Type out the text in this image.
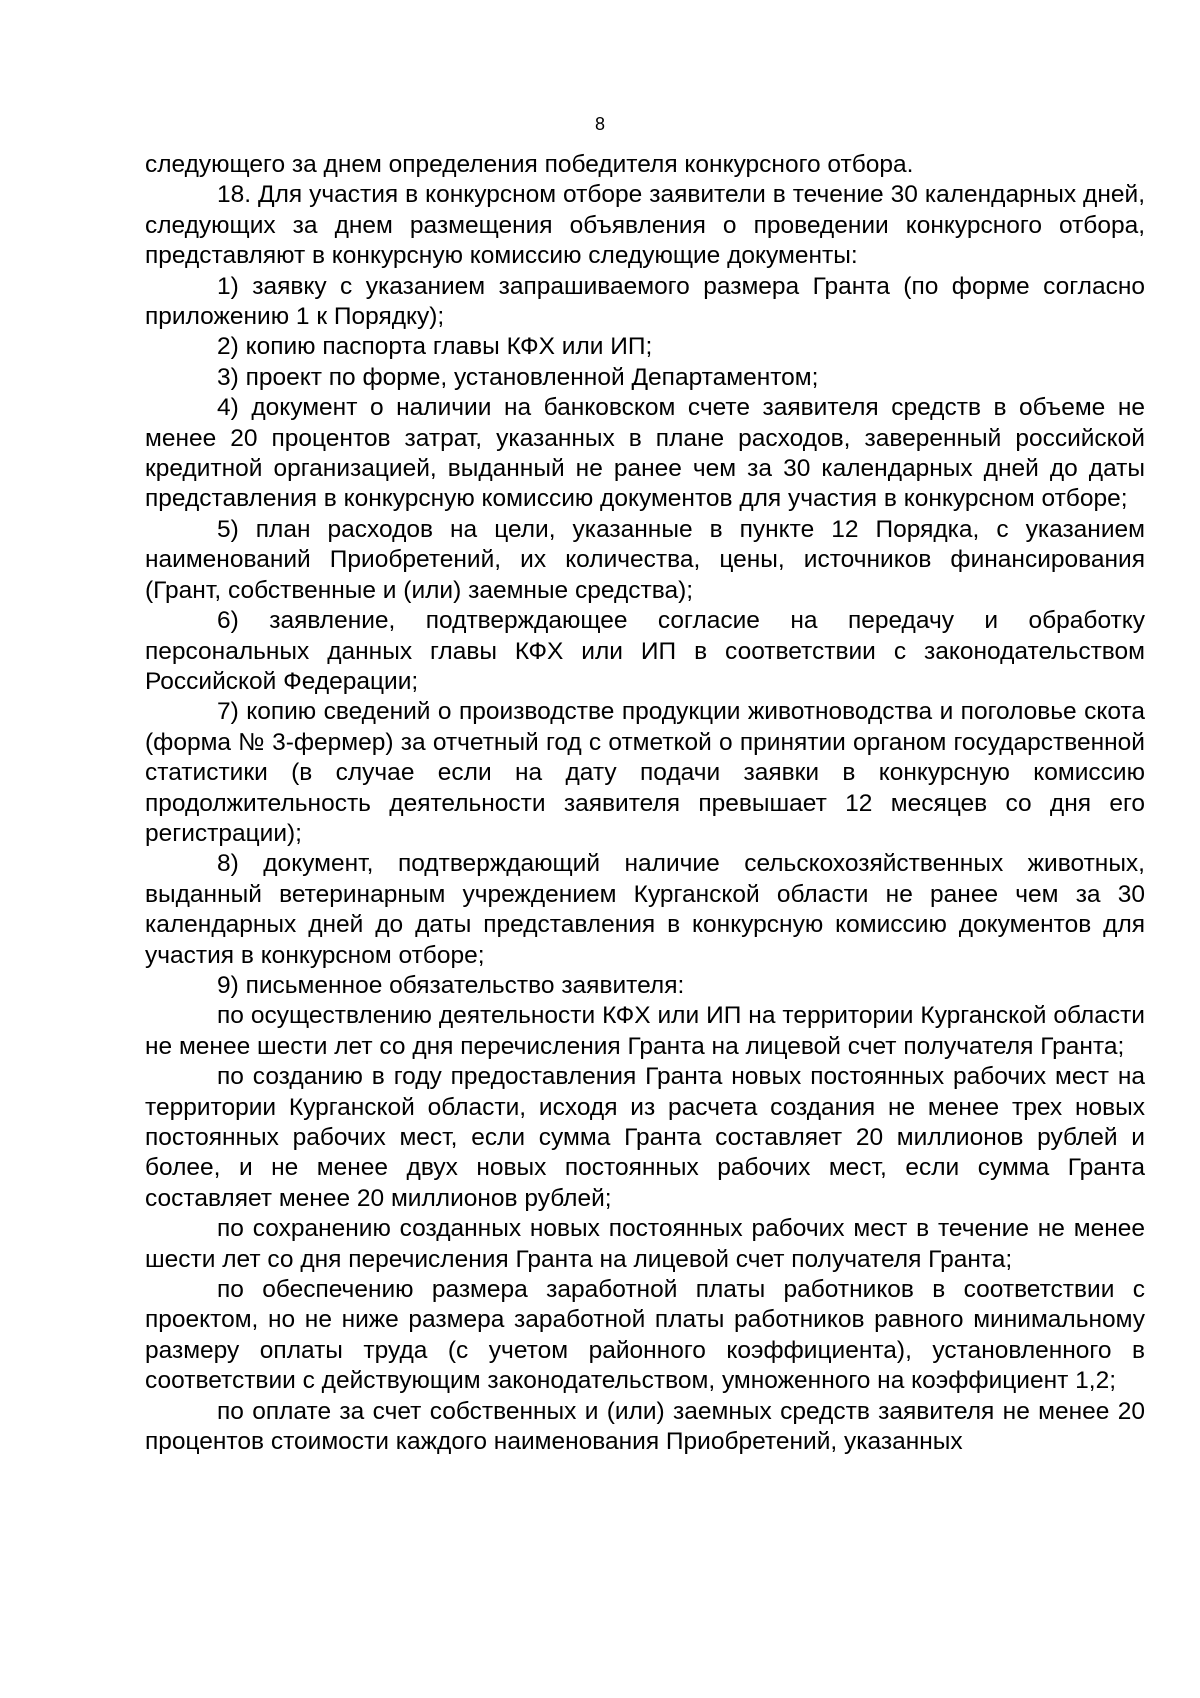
8

следующего за днем определения победителя конкурсного отбора.

18. Для участия в конкурсном отборе заявители в течение 30 календарных дней, следующих за днем размещения объявления о проведении конкурсного отбора, представляют в конкурсную комиссию следующие документы:

1) заявку с указанием запрашиваемого размера Гранта (по форме согласно приложению 1 к Порядку);

2) копию паспорта главы КФХ или ИП;

3) проект по форме, установленной Департаментом;

4) документ о наличии на банковском счете заявителя средств в объеме не менее 20 процентов затрат, указанных в плане расходов, заверенный российской кредитной организацией, выданный не ранее чем за 30 календарных дней до даты представления в конкурсную комиссию документов для участия в конкурсном отборе;

5) план расходов на цели, указанные в пункте 12 Порядка, с указанием наименований Приобретений, их количества, цены, источников финансирования (Грант, собственные и (или) заемные средства);

6) заявление, подтверждающее согласие на передачу и обработку персональных данных главы КФХ или ИП в соответствии с законодательством Российской Федерации;

7) копию сведений о производстве продукции животноводства и поголовье скота (форма № 3-фермер) за отчетный год с отметкой о принятии органом государственной статистики (в случае если на дату подачи заявки в конкурсную комиссию продолжительность деятельности заявителя превышает 12 месяцев со дня его регистрации);

8) документ, подтверждающий наличие сельскохозяйственных животных, выданный ветеринарным учреждением Курганской области не ранее чем за 30 календарных дней до даты представления в конкурсную комиссию документов для участия в конкурсном отборе;

9) письменное обязательство заявителя:

по осуществлению деятельности КФХ или ИП на территории Курганской области не менее шести лет со дня перечисления Гранта на лицевой счет получателя Гранта;

по созданию в году предоставления Гранта новых постоянных рабочих мест на территории Курганской области, исходя из расчета создания не менее трех новых постоянных рабочих мест, если сумма Гранта составляет 20 миллионов рублей и более, и не менее двух новых постоянных рабочих мест, если сумма Гранта составляет менее 20 миллионов рублей;

по сохранению созданных новых постоянных рабочих мест в течение не менее шести лет со дня перечисления Гранта на лицевой счет получателя Гранта;

по обеспечению размера заработной платы работников в соответствии с проектом, но не ниже размера заработной платы работников равного минимальному размеру оплаты труда (с учетом районного коэффициента), установленного в соответствии с действующим законодательством, умноженного на коэффициент 1,2;

по оплате за счет собственных и (или) заемных средств заявителя не менее 20 процентов стоимости каждого наименования Приобретений, указанных
